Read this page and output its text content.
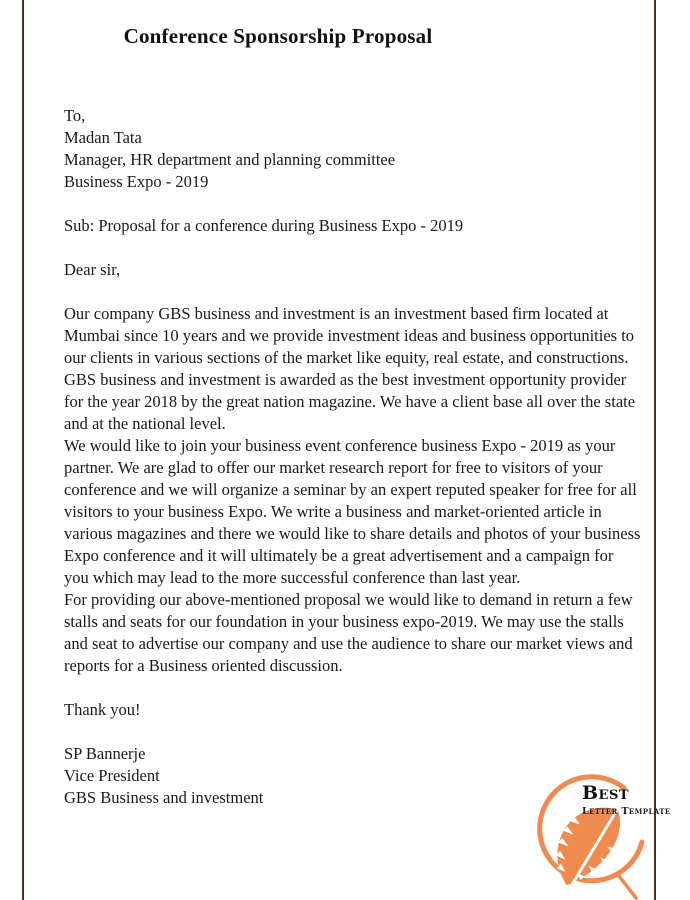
Conference Sponsorship Proposal

To,

Madan Tata

Manager, HR department and planning committee

Business Expo - 2019

Sub: Proposal for a conference during Business Expo - 2019

Dear sir,

Our company GBS business and investment is an investment based firm located at Mumbai since 10 years and we provide investment ideas and business opportunities to our clients in various sections of the market like equity, real estate, and constructions.

GBS business and investment is awarded as the best investment opportunity provider for the year 2018 by the great nation magazine. We have a client base all over the state and at the national level.

We would like to join your business event conference business Expo - 2019 as your partner. We are glad to offer our market research report for free to visitors of your conference and we will organize a seminar by an expert reputed speaker for free for all visitors to your business Expo. We write a business and market-oriented article in various magazines and there we would like to share details and photos of your business Expo conference and it will ultimately be a great advertisement and a campaign for you which may lead to the more successful conference than last year.

For providing our above-mentioned proposal we would like to demand in return a few stalls and seats for our foundation in your business expo-2019. We may use the stalls and seat to advertise our company and use the audience to share our market views and reports for a Business oriented discussion.

Thank you!

SP Bannerje

Vice President

GBS Business and investment	Best
Letter Template
